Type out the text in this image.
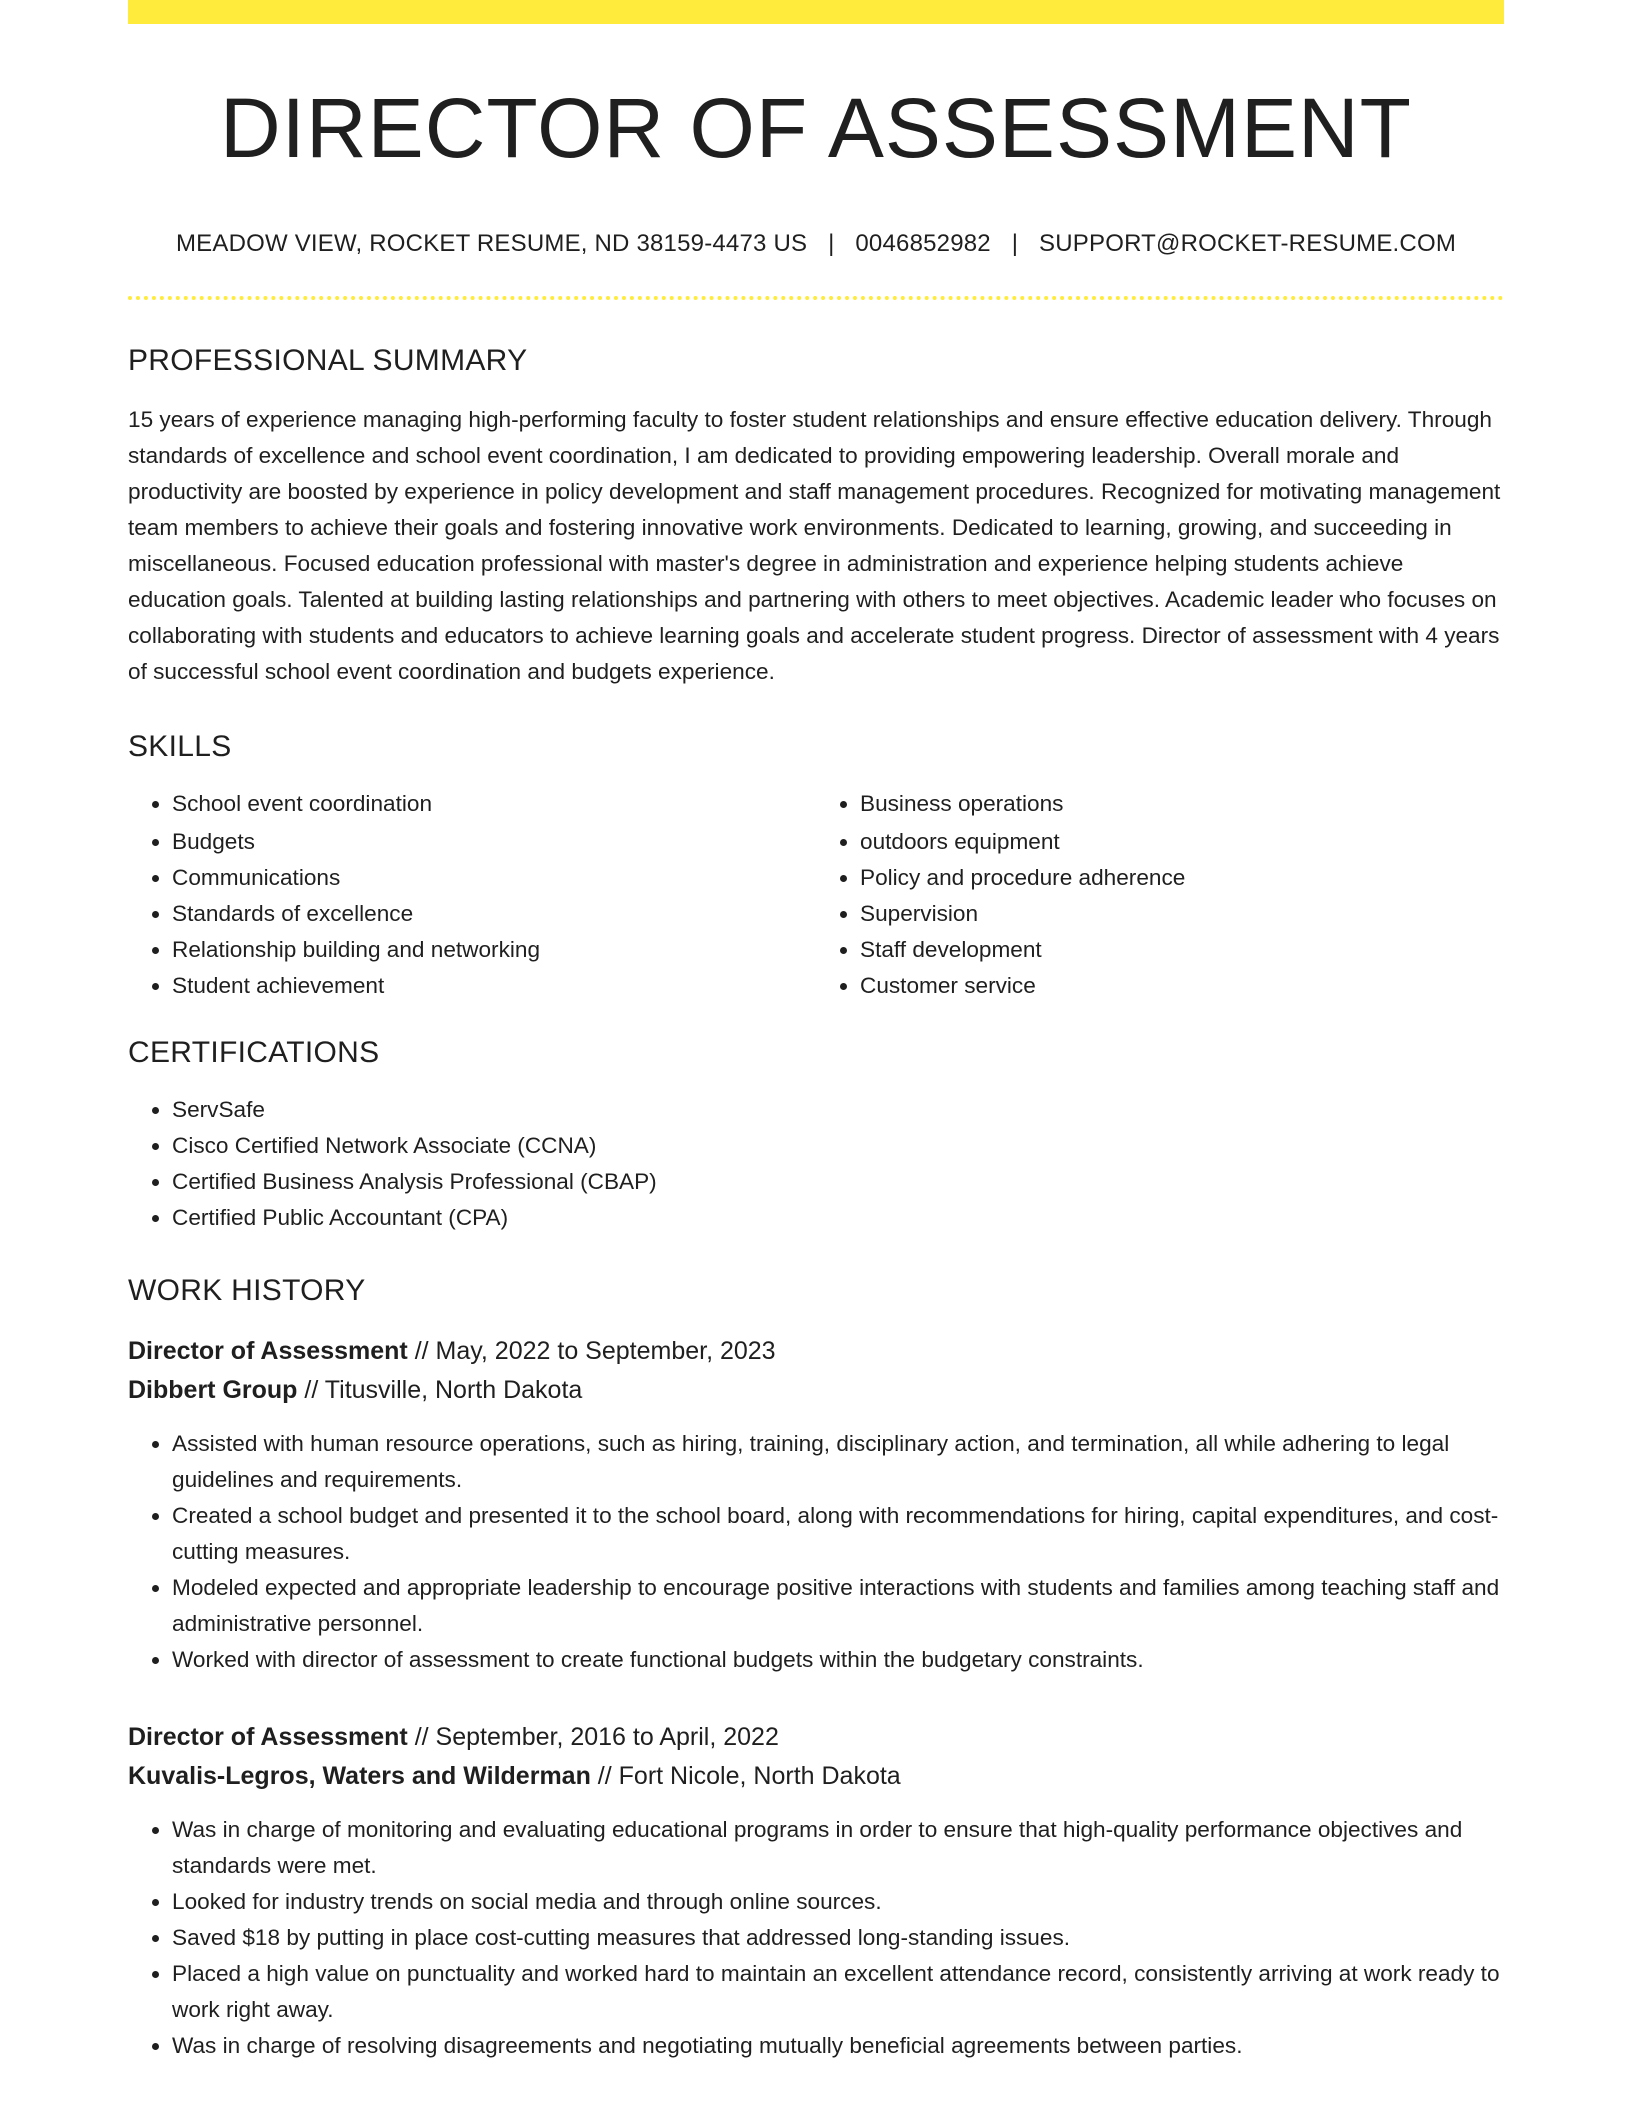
DIRECTOR OF ASSESSMENT
MEADOW VIEW, ROCKET RESUME, ND 38159-4473 US | 0046852982 | SUPPORT@ROCKET-RESUME.COM
PROFESSIONAL SUMMARY

15 years of experience managing high-performing faculty to foster student relationships and ensure effective education delivery. Through standards of excellence and school event coordination, I am dedicated to providing empowering leadership. Overall morale and productivity are boosted by experience in policy development and staff management procedures. Recognized for motivating management team members to achieve their goals and fostering innovative work environments. Dedicated to learning, growing, and succeeding in miscellaneous. Focused education professional with master's degree in administration and experience helping students achieve education goals. Talented at building lasting relationships and partnering with others to meet objectives. Academic leader who focuses on collaborating with students and educators to achieve learning goals and accelerate student progress. Director of assessment with 4 years of successful school event coordination and budgets experience.

SKILLS
• School event coordination
• Budgets
• Communications
• Standards of excellence
• Relationship building and networking
• Student achievement
• Business operations
• outdoors equipment
• Policy and procedure adherence
• Supervision
• Staff development
• Customer service
CERTIFICATIONS
• ServSafe
• Cisco Certified Network Associate (CCNA)
• Certified Business Analysis Professional (CBAP)
• Certified Public Accountant (CPA)
WORK HISTORY
Director of Assessment // May, 2022 to September, 2023
Dibbert Group // Titusville, North Dakota
• Assisted with human resource operations, such as hiring, training, disciplinary action, and termination, all while adhering to legal guidelines and requirements.
• Created a school budget and presented it to the school board, along with recommendations for hiring, capital expenditures, and cost-cutting measures.
• Modeled expected and appropriate leadership to encourage positive interactions with students and families among teaching staff and administrative personnel.
• Worked with director of assessment to create functional budgets within the budgetary constraints.
Director of Assessment // September, 2016 to April, 2022
Kuvalis-Legros, Waters and Wilderman // Fort Nicole, North Dakota
• Was in charge of monitoring and evaluating educational programs in order to ensure that high-quality performance objectives and standards were met.
• Looked for industry trends on social media and through online sources.
• Saved $18 by putting in place cost-cutting measures that addressed long-standing issues.
• Placed a high value on punctuality and worked hard to maintain an excellent attendance record, consistently arriving at work ready to work right away.
• Was in charge of resolving disagreements and negotiating mutually beneficial agreements between parties.
